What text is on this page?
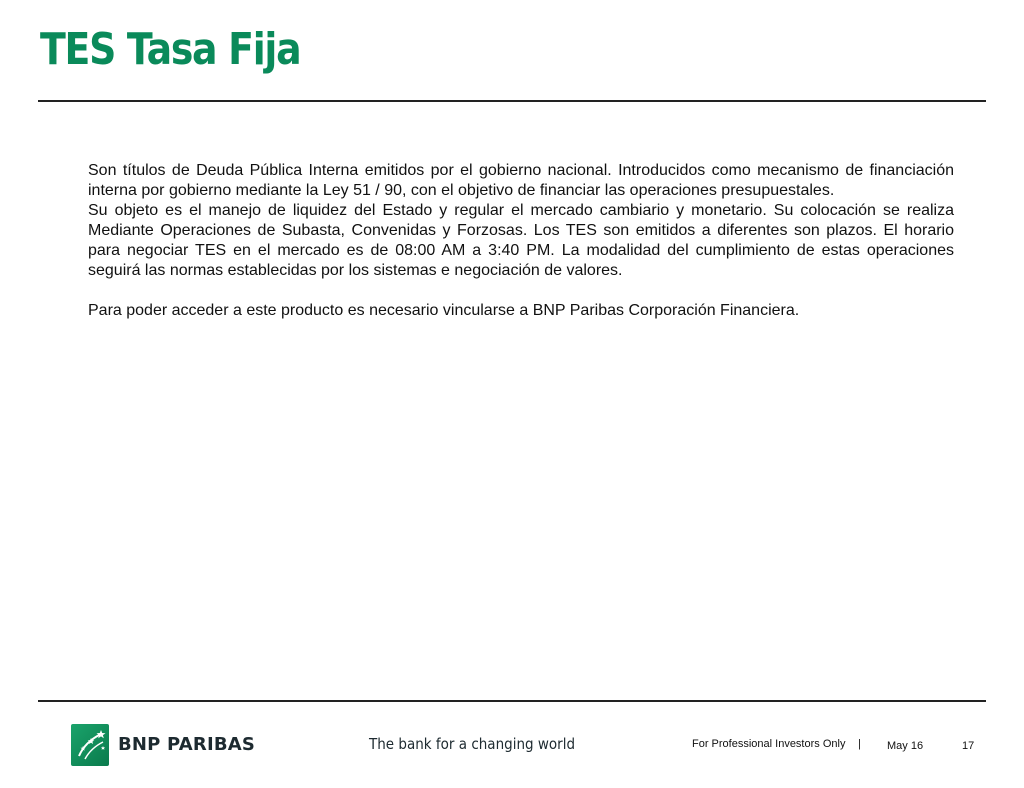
TES Tasa Fija

Son títulos de Deuda Pública Interna emitidos por el gobierno nacional. Introducidos como mecanismo de financiación interna por gobierno mediante la Ley 51 / 90, con el objetivo de financiar las operaciones presupuestales.

Su objeto es el manejo de liquidez del Estado y regular el mercado cambiario y monetario. Su colocación se realiza Mediante Operaciones de Subasta, Convenidas y Forzosas. Los TES son emitidos a diferentes son plazos. El horario para negociar TES en el mercado es de 08:00 AM a 3:40 PM. La modalidad del cumplimiento de estas operaciones seguirá las normas establecidas por los sistemas e negociación de valores.

Para poder acceder a este producto es necesario vincularse a BNP Paribas Corporación Financiera.

BNP PARIBAS	The bank for a changing world	For Professional Investors Only | May 16	17
